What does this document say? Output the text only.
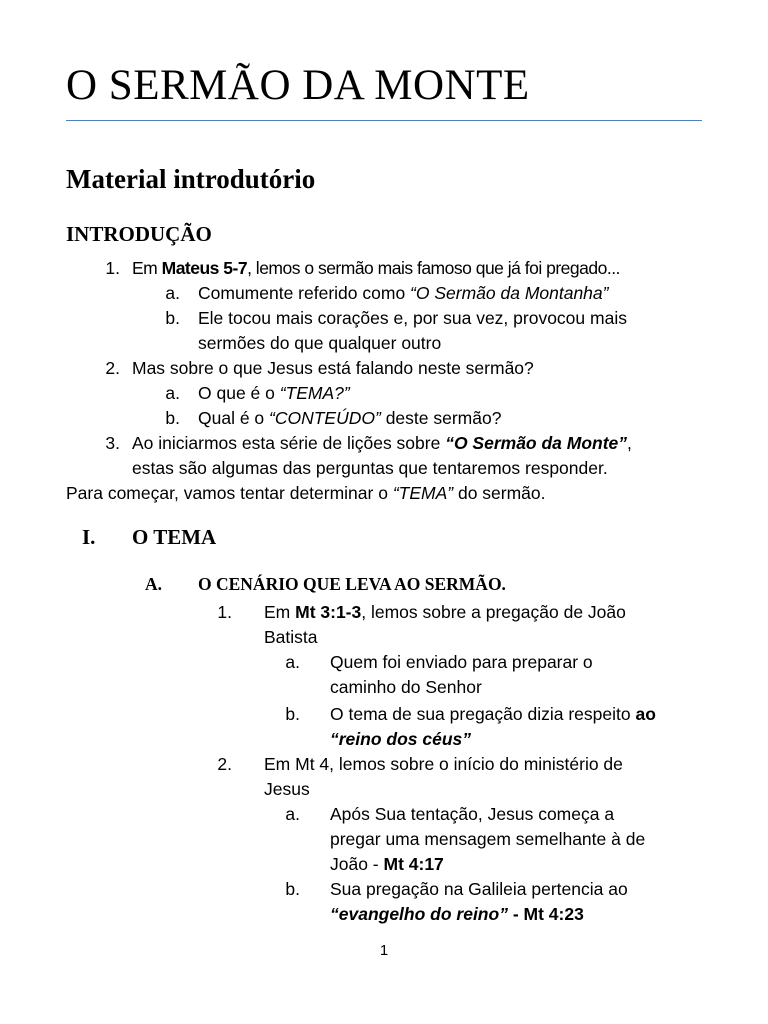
O SERMÃO DA MONTE
Material introdutório
INTRODUÇÃO
1. Em Mateus 5-7, lemos o sermão mais famoso que já foi pregado...
a. Comumente referido como “O Sermão da Montanha”
b. Ele tocou mais corações e, por sua vez, provocou mais
sermões do que qualquer outro
2. Mas sobre o que Jesus está falando neste sermão?
a. O que é o “TEMA?”
b. Qual é o “CONTEÚDO” deste sermão?
3. Ao iniciarmos esta série de lições sobre “O Sermão da Monte”,
estas são algumas das perguntas que tentaremos responder.
Para começar, vamos tentar determinar o “TEMA” do sermão.
I. O TEMA
A. O CENÁRIO QUE LEVA AO SERMÃO.
1. Em Mt 3:1-3, lemos sobre a pregação de João
Batista
a. Quem foi enviado para preparar o
caminho do Senhor
b. O tema de sua pregação dizia respeito ao
“reino dos céus”
2. Em Mt 4, lemos sobre o início do ministério de
Jesus
a. Após Sua tentação, Jesus começa a
pregar uma mensagem semelhante à de
João - Mt 4:17
b. Sua pregação na Galileia pertencia ao
“evangelho do reino” - Mt 4:23
1
